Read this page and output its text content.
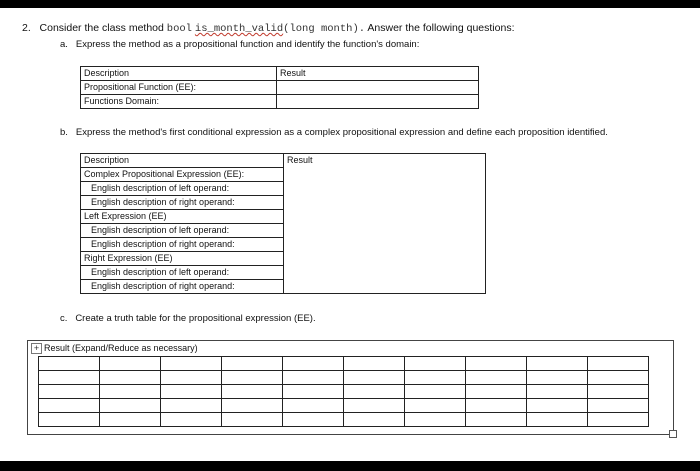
2. Consider the class method bool is_month_valid(long month). Answer the following questions:
a. Express the method as a propositional function and identify the function's domain:
Description	Result
Propositional Function (EE):	
Functions Domain:	
b. Express the method's first conditional expression as a complex propositional expression and define each proposition identified.
Description	Result
Complex Propositional Expression (EE):
English description of left operand:
English description of right operand:
Left Expression (EE)
English description of left operand:
English description of right operand:
Right Expression (EE)
English description of left operand:
English description of right operand:
c. Create a truth table for the propositional expression (EE).
+ Result (Expand/Reduce as necessary)
